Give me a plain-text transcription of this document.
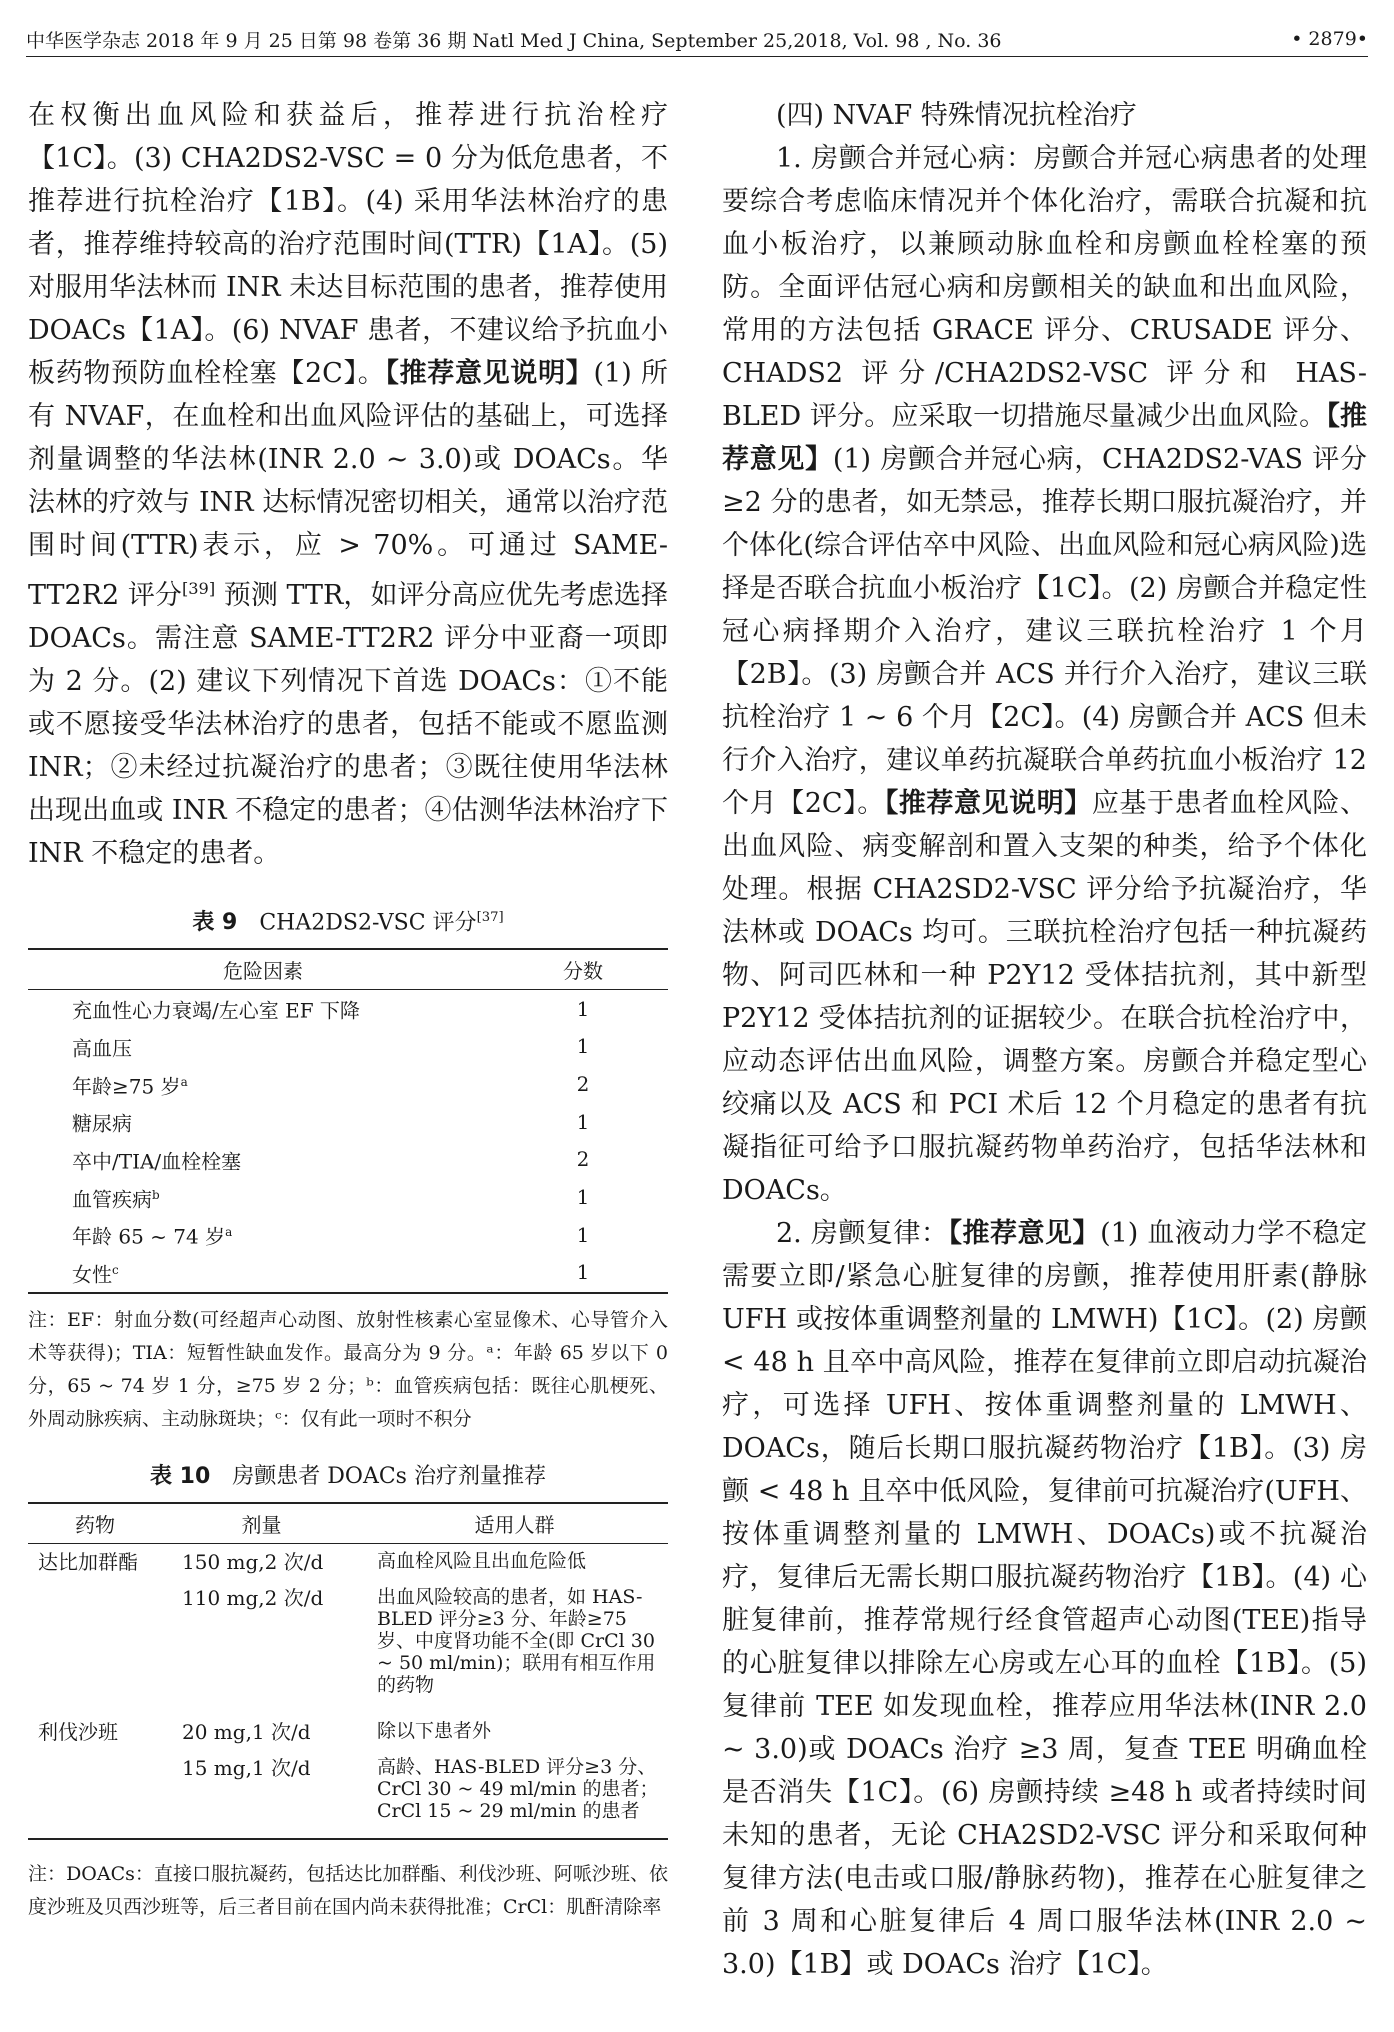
中华医学杂志 2018 年 9 月 25 日第 98 卷第 36 期 Natl Med J China, September 25,2018, Vol. 98 , No. 36	• 2879•

在权衡出血风险和获益后，推荐进行抗治栓疗【1C】。(3) CHA2DS2-VSC = 0 分为低危患者，不推荐进行抗栓治疗【1B】。(4) 采用华法林治疗的患者，推荐维持较高的治疗范围时间(TTR)【1A】。(5) 对服用华法林而 INR 未达目标范围的患者，推荐使用 DOACs【1A】。(6) NVAF 患者，不建议给予抗血小板药物预防血栓栓塞【2C】。【推荐意见说明】(1) 所有 NVAF，在血栓和出血风险评估的基础上，可选择剂量调整的华法林(INR 2.0 ~ 3.0)或 DOACs。华法林的疗效与 INR 达标情况密切相关，通常以治疗范围时间(TTR)表示，应 > 70%。可通过 SAME-TT2R2 评分[39] 预测 TTR，如评分高应优先考虑选择 DOACs。需注意 SAME-TT2R2 评分中亚裔一项即为 2 分。(2) 建议下列情况下首选 DOACs：①不能或不愿接受华法林治疗的患者，包括不能或不愿监测 INR；②未经过抗凝治疗的患者；③既往使用华法林出现出血或 INR 不稳定的患者；④估测华法林治疗下 INR 不稳定的患者。

表 9 CHA2DS2-VSC 评分[37]

危险因素	分数
充血性心力衰竭/左心室 EF 下降	1
高血压	1
年龄≥75 岁$^a$	2
糖尿病	1
卒中/TIA/血栓栓塞	2
血管疾病$^b$	1
年龄 65 ~ 74 岁$^a$	1
女性$^c$	1

注：EF：射血分数(可经超声心动图、放射性核素心室显像术、心导管介入术等获得)；TIA：短暂性缺血发作。最高分为 9 分。ᵃ：年龄 65 岁以下 0 分，65 ~ 74 岁 1 分，≥75 岁 2 分；ᵇ：血管疾病包括：既往心肌梗死、外周动脉疾病、主动脉斑块；ᶜ：仅有此一项时不积分

表 10 房颤患者 DOACs 治疗剂量推荐

药物	剂量	适用人群
达比加群酯	150 mg,2 次/d	高血栓风险且出血危险低
	110 mg,2 次/d	出血风险较高的患者，如 HAS-BLED 评分≥3 分、年龄≥75 岁、中度肾功能不全(即 CrCl 30 ~ 50 ml/min)；联用有相互作用的药物
利伐沙班	20 mg,1 次/d	除以下患者外
	15 mg,1 次/d	高龄、HAS-BLED 评分≥3 分、CrCl 30 ~ 49 ml/min 的患者；CrCl 15 ~ 29 ml/min 的患者

注：DOACs：直接口服抗凝药，包括达比加群酯、利伐沙班、阿哌沙班、依度沙班及贝西沙班等，后三者目前在国内尚未获得批准；CrCl：肌酐清除率

(四) NVAF 特殊情况抗栓治疗

1. 房颤合并冠心病：房颤合并冠心病患者的处理要综合考虑临床情况并个体化治疗，需联合抗凝和抗血小板治疗，以兼顾动脉血栓和房颤血栓栓塞的预防。全面评估冠心病和房颤相关的缺血和出血风险，常用的方法包括 GRACE 评分、CRUSADE 评分、CHADS2 评分/CHA2DS2-VSC 评分和 HAS-BLED 评分。应采取一切措施尽量减少出血风险。【推荐意见】(1) 房颤合并冠心病，CHA2DS2-VAS 评分≥2 分的患者，如无禁忌，推荐长期口服抗凝治疗，并个体化(综合评估卒中风险、出血风险和冠心病风险)选择是否联合抗血小板治疗【1C】。(2) 房颤合并稳定性冠心病择期介入治疗，建议三联抗栓治疗 1 个月【2B】。(3) 房颤合并 ACS 并行介入治疗，建议三联抗栓治疗 1 ~ 6 个月【2C】。(4) 房颤合并 ACS 但未行介入治疗，建议单药抗凝联合单药抗血小板治疗 12 个月【2C】。【推荐意见说明】应基于患者血栓风险、出血风险、病变解剖和置入支架的种类，给予个体化处理。根据 CHA2SD2-VSC 评分给予抗凝治疗，华法林或 DOACs 均可。三联抗栓治疗包括一种抗凝药物、阿司匹林和一种 P2Y12 受体拮抗剂，其中新型 P2Y12 受体拮抗剂的证据较少。在联合抗栓治疗中，应动态评估出血风险，调整方案。房颤合并稳定型心绞痛以及 ACS 和 PCI 术后 12 个月稳定的患者有抗凝指征可给予口服抗凝药物单药治疗，包括华法林和 DOACs。

2. 房颤复律：【推荐意见】(1) 血液动力学不稳定需要立即/紧急心脏复律的房颤，推荐使用肝素(静脉 UFH 或按体重调整剂量的 LMWH)【1C】。(2) 房颤 < 48 h 且卒中高风险，推荐在复律前立即启动抗凝治疗，可选择 UFH、按体重调整剂量的 LMWH、DOACs，随后长期口服抗凝药物治疗【1B】。(3) 房颤 < 48 h 且卒中低风险，复律前可抗凝治疗(UFH、按体重调整剂量的 LMWH、DOACs)或不抗凝治疗，复律后无需长期口服抗凝药物治疗【1B】。(4) 心脏复律前，推荐常规行经食管超声心动图(TEE)指导的心脏复律以排除左心房或左心耳的血栓【1B】。(5) 复律前 TEE 如发现血栓，推荐应用华法林(INR 2.0 ~ 3.0)或 DOACs 治疗 ≥3 周，复查 TEE 明确血栓是否消失【1C】。(6) 房颤持续 ≥48 h 或者持续时间未知的患者，无论 CHA2SD2-VSC 评分和采取何种复律方法(电击或口服/静脉药物)，推荐在心脏复律之前 3 周和心脏复律后 4 周口服华法林(INR 2.0 ~ 3.0)【1B】或 DOACs 治疗【1C】。
